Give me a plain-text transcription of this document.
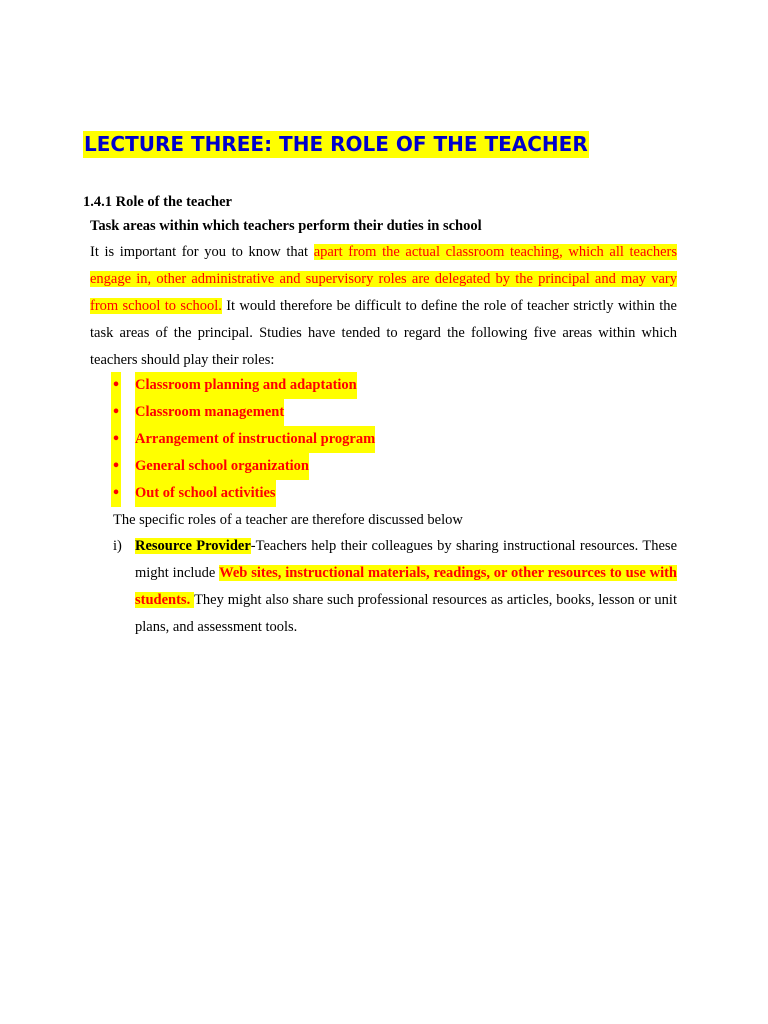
LECTURE THREE: THE ROLE OF THE TEACHER
1.4.1 Role of the teacher
Task areas within which teachers perform their duties in school

It is important for you to know that apart from the actual classroom teaching, which all teachers engage in, other administrative and supervisory roles are delegated by the principal and may vary from school to school. It would therefore be difficult to define the role of teacher strictly within the task areas of the principal. Studies have tended to regard the following five areas within which teachers should play their roles:

• Classroom planning and adaptation
• Classroom management
• Arrangement of instructional program
• General school organization
• Out of school activities

The specific roles of a teacher are therefore discussed below

i) Resource Provider-Teachers help their colleagues by sharing instructional resources. These might include Web sites, instructional materials, readings, or other resources to use with students. They might also share such professional resources as articles, books, lesson or unit plans, and assessment tools.
